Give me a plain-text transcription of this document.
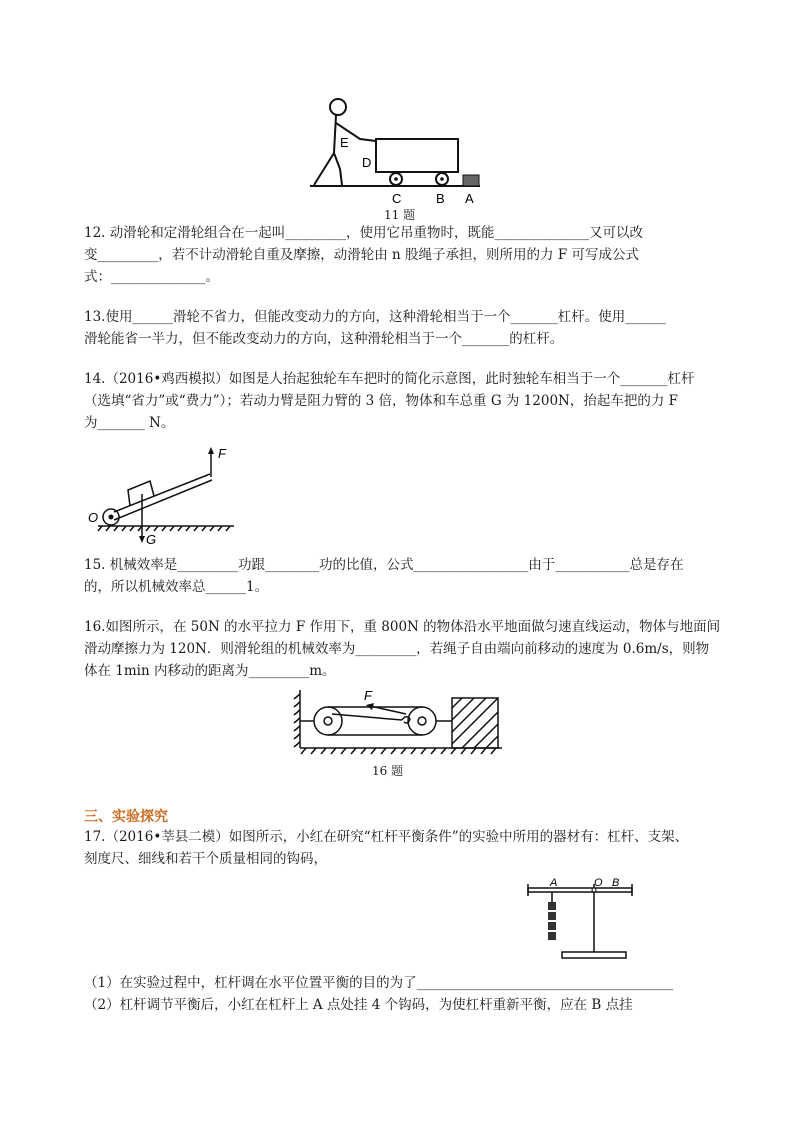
E
D
C	B A
11 题
12. 动滑轮和定滑轮组合在一起叫_________，使用它吊重物时，既能______________又可以改
变_________，若不计动滑轮自重及摩擦，动滑轮由 n 股绳子承担，则所用的力 F 可写成公式
式：______________。
13.使用______滑轮不省力，但能改变动力的方向，这种滑轮相当于一个_______杠杆。使用______
滑轮能省一半力，但不能改变动力的方向，这种滑轮相当于一个_______的杠杆。
14.（2016•鸡西模拟）如图是人抬起独轮车车把时的简化示意图，此时独轮车相当于一个_______杠杆
（选填“省力”或“费力”）；若动力臂是阻力臂的 3 倍，物体和车总重 G 为 1200N，抬起车把的力 F
为_______ N。
F
G
O
15. 机械效率是_________功跟________功的比值，公式_________________由于___________总是存在
的，所以机械效率总______1。
16.如图所示，在 50N 的水平拉力 F 作用下，重 800N 的物体沿水平地面做匀速直线运动，物体与地面间
滑动摩擦力为 120N．则滑轮组的机械效率为_________，若绳子自由端向前移动的速度为 0.6m/s，则物
体在 1min 内移动的距离为_________m。
F
16 题
三、实验探究
17.（2016•莘县二模）如图所示，小红在研究“杠杆平衡条件”的实验中所用的器材有：杠杆、支架、
刻度尺、细线和若干个质量相同的钩码，
A	O B
（1）在实验过程中，杠杆调在水平位置平衡的目的为了______________________________________
（2）杠杆调节平衡后，小红在杠杆上 A 点处挂 4 个钩码，为使杠杆重新平衡，应在 B 点挂
